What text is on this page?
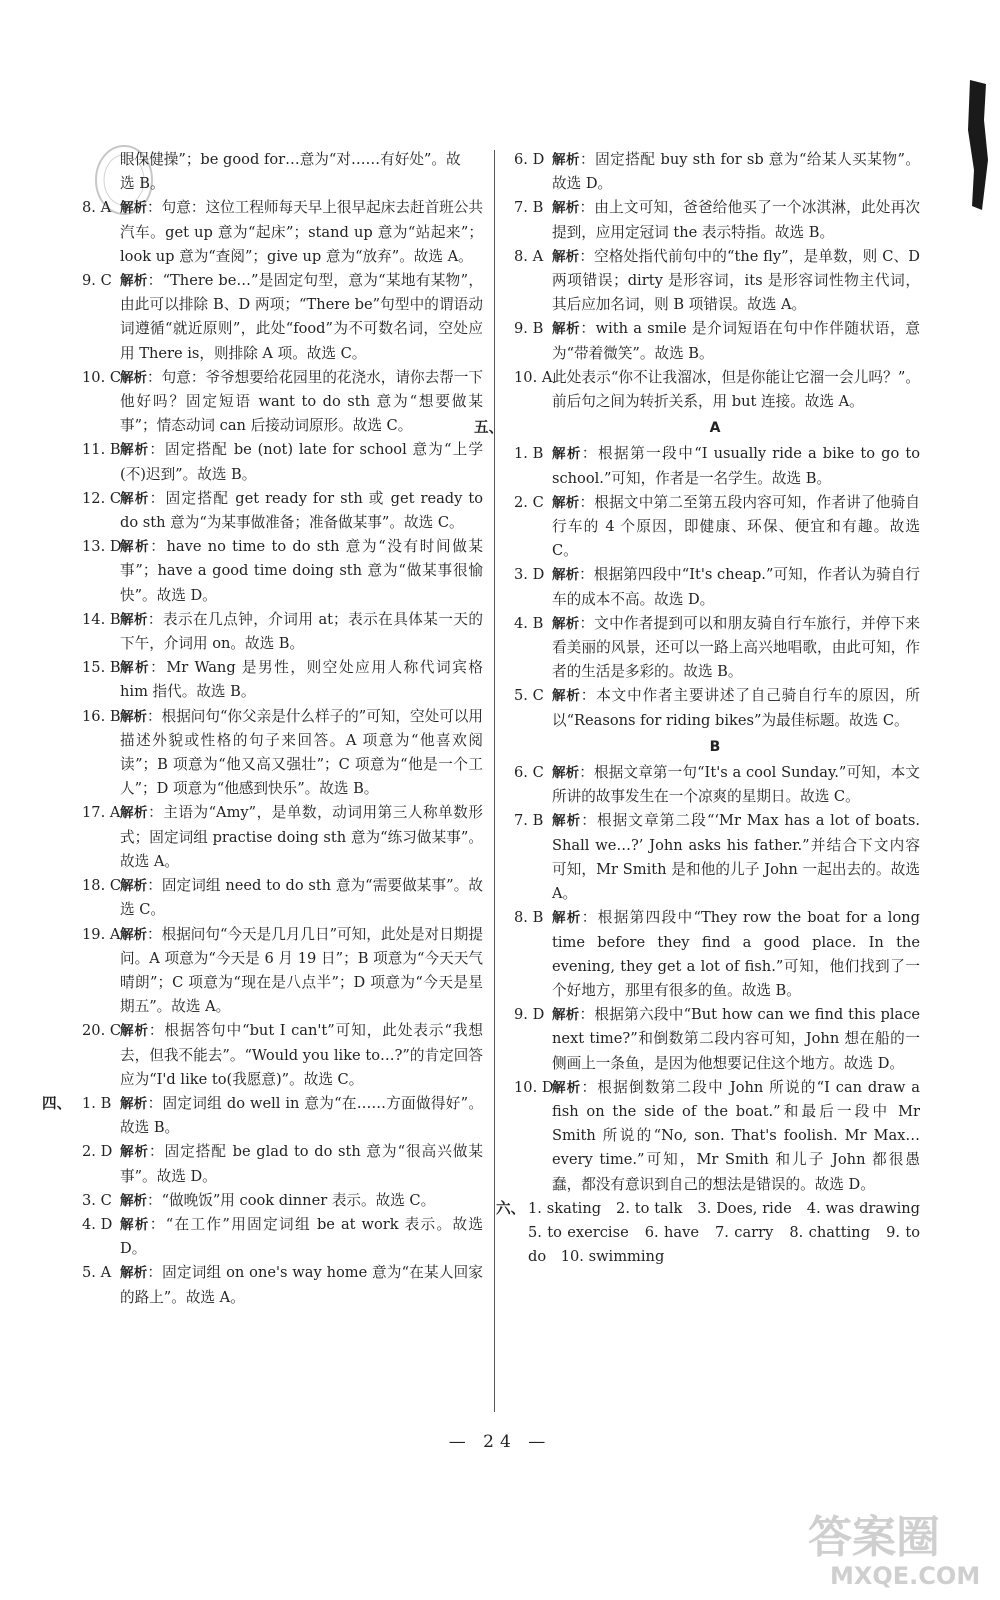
眼保健操”；be good for…意为“对……有好处”。故
选 B。
8. A 解析：句意：这位工程师每天早上很早起床去赶首班公共汽车。get up 意为“起床”；stand up 意为“站起来”；look up 意为“查阅”；give up 意为“放弃”。故选 A。
9. C 解析：“There be…”是固定句型，意为“某地有某物”，由此可以排除 B、D 两项；“There be”句型中的谓语动词遵循“就近原则”，此处“food”为不可数名词，空处应用 There is，则排除 A 项。故选 C。
10. C
解析：句意：爷爷想要给花园里的花浇水，请你去帮一下他好吗？固定短语 want to do sth 意为“想要做某事”；情态动词 can 后接动词原形。故选 C。
11. B 解析：固定搭配 be (not) late for school 意为“上学(不)迟到”。故选 B。
12. C
解析：固定搭配 get ready for sth 或 get ready to do sth 意为“为某事做准备；准备做某事”。故选 C。
13. D
解析：have no time to do sth 意为“没有时间做某事”；have a good time doing sth 意为“做某事很愉快”。故选 D。
14. B 解析：表示在几点钟，介词用 at；表示在具体某一天的下午，介词用 on。故选 B。
15. B 解析：Mr Wang 是男性，则空处应用人称代词宾格 him 指代。故选 B。
16. B 解析：根据问句“你父亲是什么样子的”可知，空处可以用描述外貌或性格的句子来回答。A 项意为“他喜欢阅读”；B 项意为“他又高又强壮”；C 项意为“他是一个工人”；D 项意为“他感到快乐”。故选 B。
17. A 解析：主语为“Amy”，是单数，动词用第三人称单数形式；固定词组 practise doing sth 意为“练习做某事”。故选 A。
18. C
解析：固定词组 need to do sth 意为“需要做某事”。故选 C。
19. A 解析：根据问句“今天是几月几日”可知，此处是对日期提问。A 项意为“今天是 6 月 19 日”；B 项意为“今天天气晴朗”；C 项意为“现在是八点半”；D 项意为“今天是星期五”。故选 A。
20. C
解析：根据答句中“but I can't”可知，此处表示“我想去，但我不能去”。“Would you like to…?”的肯定回答应为“I'd like to(我愿意)”。故选 C。
四、 1. B 解析：固定词组 do well in 意为“在……方面做得好”。故选 B。
2. D 解析：固定搭配 be glad to do sth 意为“很高兴做某事”。故选 D。
3. C 解析：“做晚饭”用 cook dinner 表示。故选 C。
4. D 解析：“在工作”用固定词组 be at work 表示。故选 D。
5. A 解析：固定词组 on one's way home 意为“在某人回家的路上”。故选 A。
6. D 解析：固定搭配 buy sth for sb 意为“给某人买某物”。故选 D。
7. B 解析：由上文可知，爸爸给他买了一个冰淇淋，此处再次提到，应用定冠词 the 表示特指。故选 B。
8. A 解析：空格处指代前句中的“the fly”，是单数，则 C、D 两项错误；dirty 是形容词，its 是形容词性物主代词，其后应加名词，则 B 项错误。故选 A。
9. B 解析：with a smile 是介词短语在句中作伴随状语，意为“带着微笑”。故选 B。
10. A 此处表示“你不让我溜冰，但是你能让它溜一会儿吗？”。前后句之间为转折关系，用 but 连接。故选 A。
五、	A
1. B 解析：根据第一段中“I usually ride a bike to go to school.”可知，作者是一名学生。故选 B。
2. C 解析：根据文中第二至第五段内容可知，作者讲了他骑自行车的 4 个原因，即健康、环保、便宜和有趣。故选 C。
3. D 解析：根据第四段中“It's cheap.”可知，作者认为骑自行车的成本不高。故选 D。
4. B 解析：文中作者提到可以和朋友骑自行车旅行，并停下来看美丽的风景，还可以一路上高兴地唱歌，由此可知，作者的生活是多彩的。故选 B。
5. C 解析：本文中作者主要讲述了自己骑自行车的原因，所以“Reasons for riding bikes”为最佳标题。故选 C。
B
6. C 解析：根据文章第一句“It's a cool Sunday.”可知，本文所讲的故事发生在一个凉爽的星期日。故选 C。
7. B 解析：根据文章第二段“‘Mr Max has a lot of boats. Shall we…?’ John asks his father.”并结合下文内容可知，Mr Smith 是和他的儿子 John 一起出去的。故选 A。
8. B 解析：根据第四段中“They row the boat for a long time before they find a good place. In the evening, they get a lot of fish.”可知，他们找到了一个好地方，那里有很多的鱼。故选 B。
9. D 解析：根据第六段中“But how can we find this place next time?”和倒数第二段内容可知，John 想在船的一侧画上一条鱼，是因为他想要记住这个地方。故选 D。
10. D
解析：根据倒数第二段中 John 所说的“I can draw a fish on the side of the boat.”和最后一段中 Mr Smith 所说的“No, son. That's foolish. Mr Max… every time.”可知，Mr Smith 和儿子 John 都很愚蠢，都没有意识到自己的想法是错误的。故选 D。
六、 1. skating　2. to talk　3. Does, ride　4. was drawing　5. to exercise　6. have　7. carry　8. chatting　9. to do　10. swimming
— 24 —
答案圈
MXQE.COM
